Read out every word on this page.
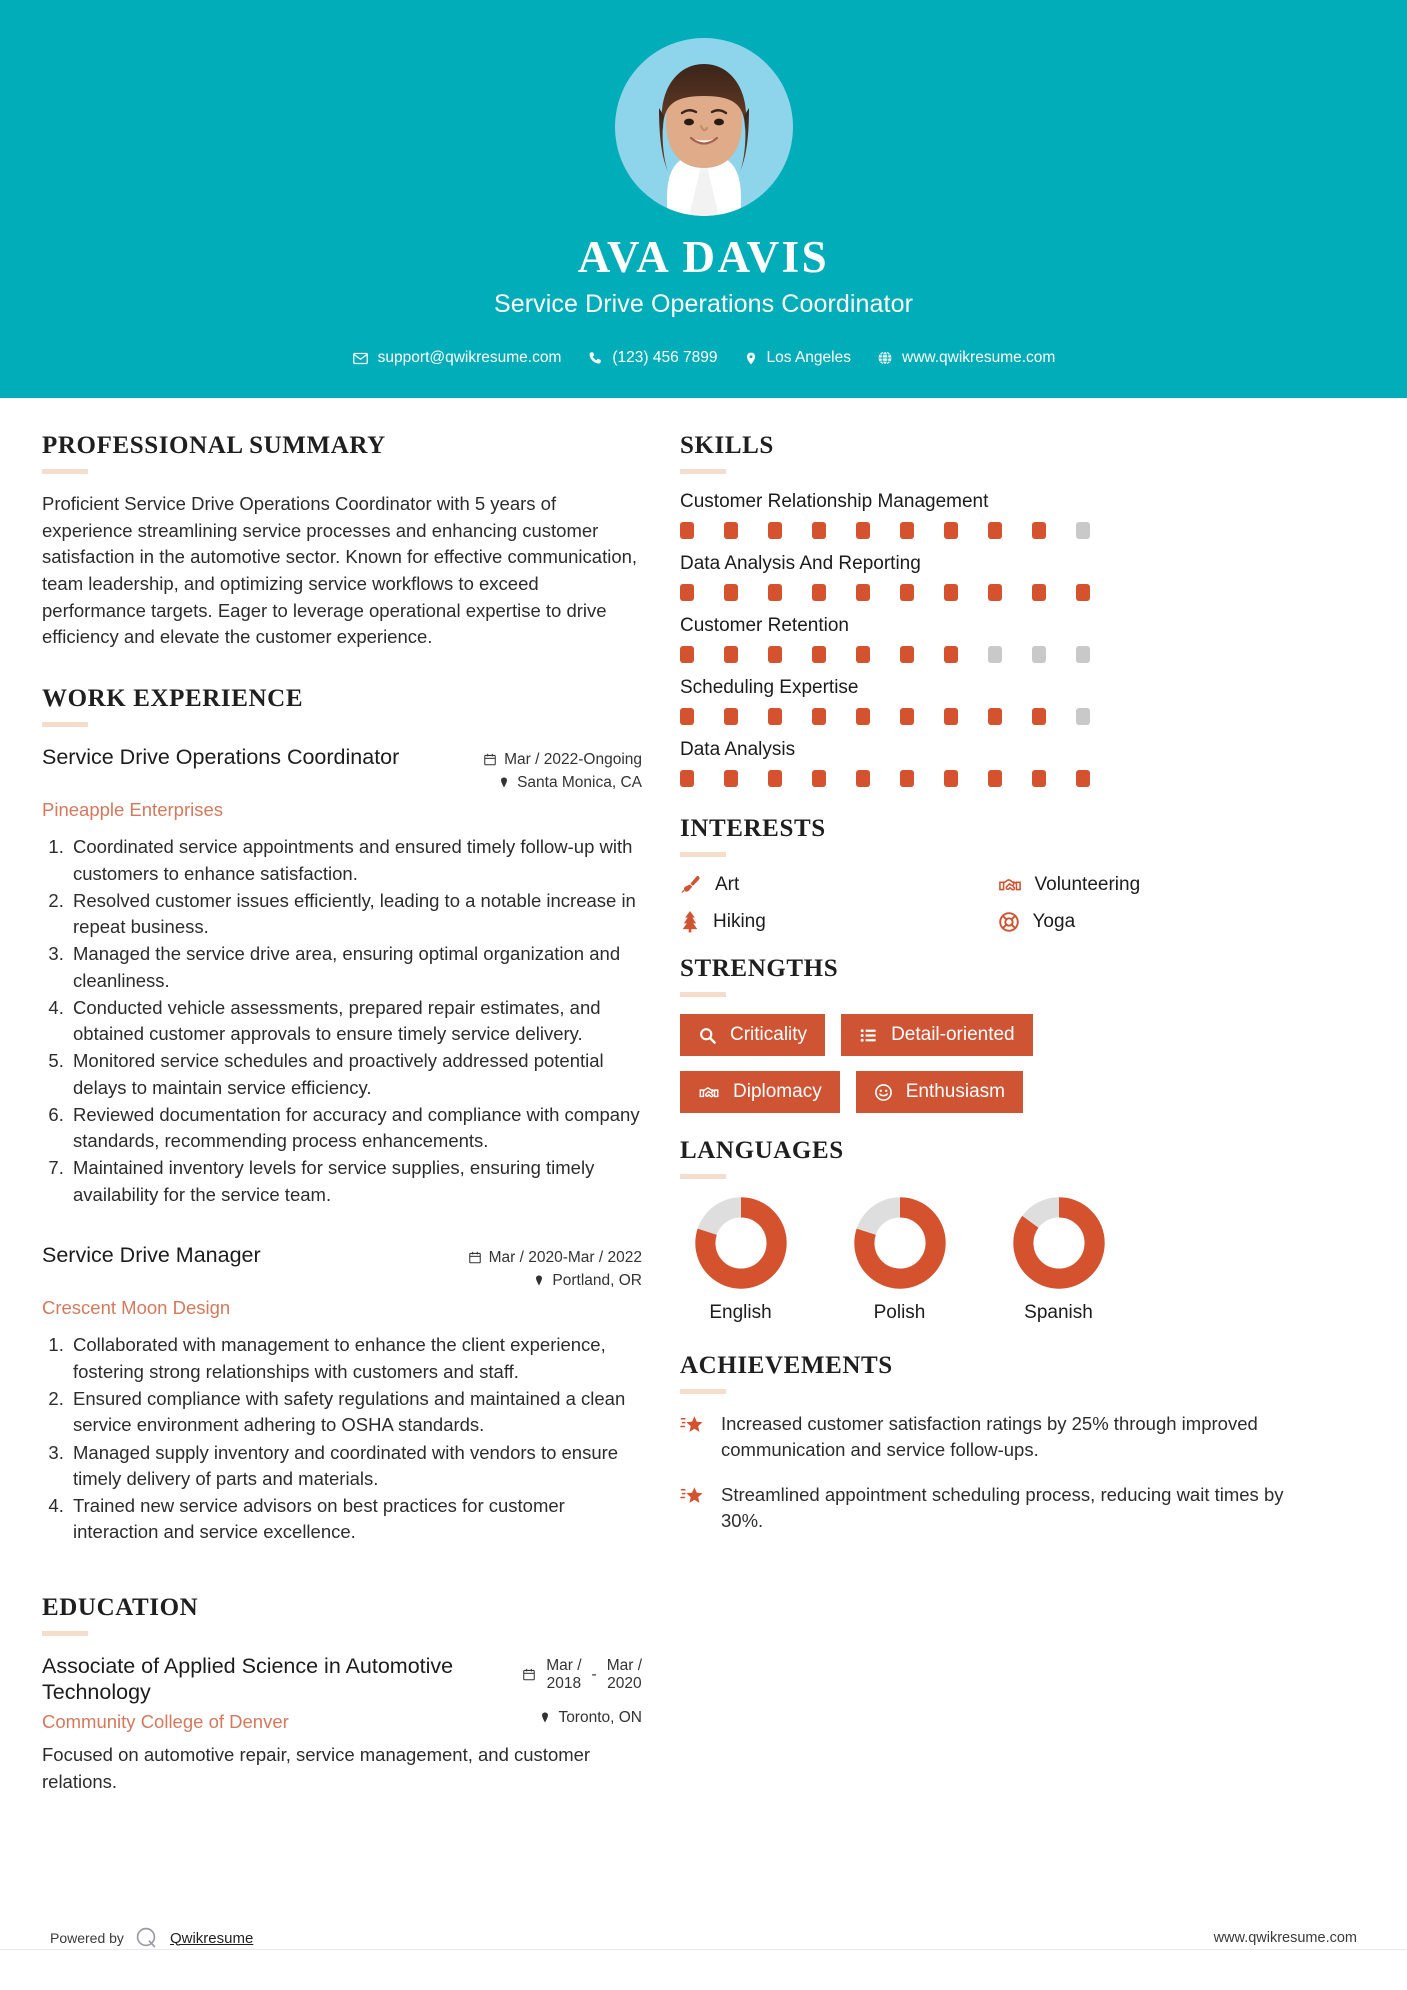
AVA DAVIS
Service Drive Operations Coordinator
support@qwikresume.com	(123) 456 7899	Los Angeles	www.qwikresume.com
PROFESSIONAL SUMMARY

Proficient Service Drive Operations Coordinator with 5 years of experience streamlining service processes and enhancing customer satisfaction in the automotive sector. Known for effective communication, team leadership, and optimizing service workflows to exceed performance targets. Eager to leverage operational expertise to drive efficiency and elevate the customer experience.

WORK EXPERIENCE
Service Drive Operations Coordinator	Mar / 2022-Ongoing
Santa Monica, CA
Pineapple Enterprises
1. Coordinated service appointments and ensured timely follow-up with customers to enhance satisfaction.
2. Resolved customer issues efficiently, leading to a notable increase in repeat business.
3. Managed the service drive area, ensuring optimal organization and cleanliness.
4. Conducted vehicle assessments, prepared repair estimates, and obtained customer approvals to ensure timely service delivery.
5. Monitored service schedules and proactively addressed potential delays to maintain service efficiency.
6. Reviewed documentation for accuracy and compliance with company standards, recommending process enhancements.
7. Maintained inventory levels for service supplies, ensuring timely availability for the service team.
Service Drive Manager	Mar / 2020-Mar / 2022
Portland, OR
Crescent Moon Design
1. Collaborated with management to enhance the client experience, fostering strong relationships with customers and staff.
2. Ensured compliance with safety regulations and maintained a clean service environment adhering to OSHA standards.
3. Managed supply inventory and coordinated with vendors to ensure timely delivery of parts and materials.
4. Trained new service advisors on best practices for customer interaction and service excellence.
EDUCATION
Associate of Applied Science in Automotive Technology
Mar /
2018
-
Mar /
2020
Community College of Denver	Toronto, ON
Focused on automotive repair, service management, and customer relations.
SKILLS
Customer Relationship Management
Data Analysis And Reporting
Customer Retention
Scheduling Expertise
Data Analysis
INTERESTS
Art	Volunteering
Hiking	Yoga
STRENGTHS
Criticality	Detail-oriented
Diplomacy	Enthusiasm
LANGUAGES
English	Polish	Spanish
ACHIEVEMENTS
Increased customer satisfaction ratings by 25% through improved communication and service follow-ups.
Streamlined appointment scheduling process, reducing wait times by 30%.
Powered by	Qwikresume	www.qwikresume.com
